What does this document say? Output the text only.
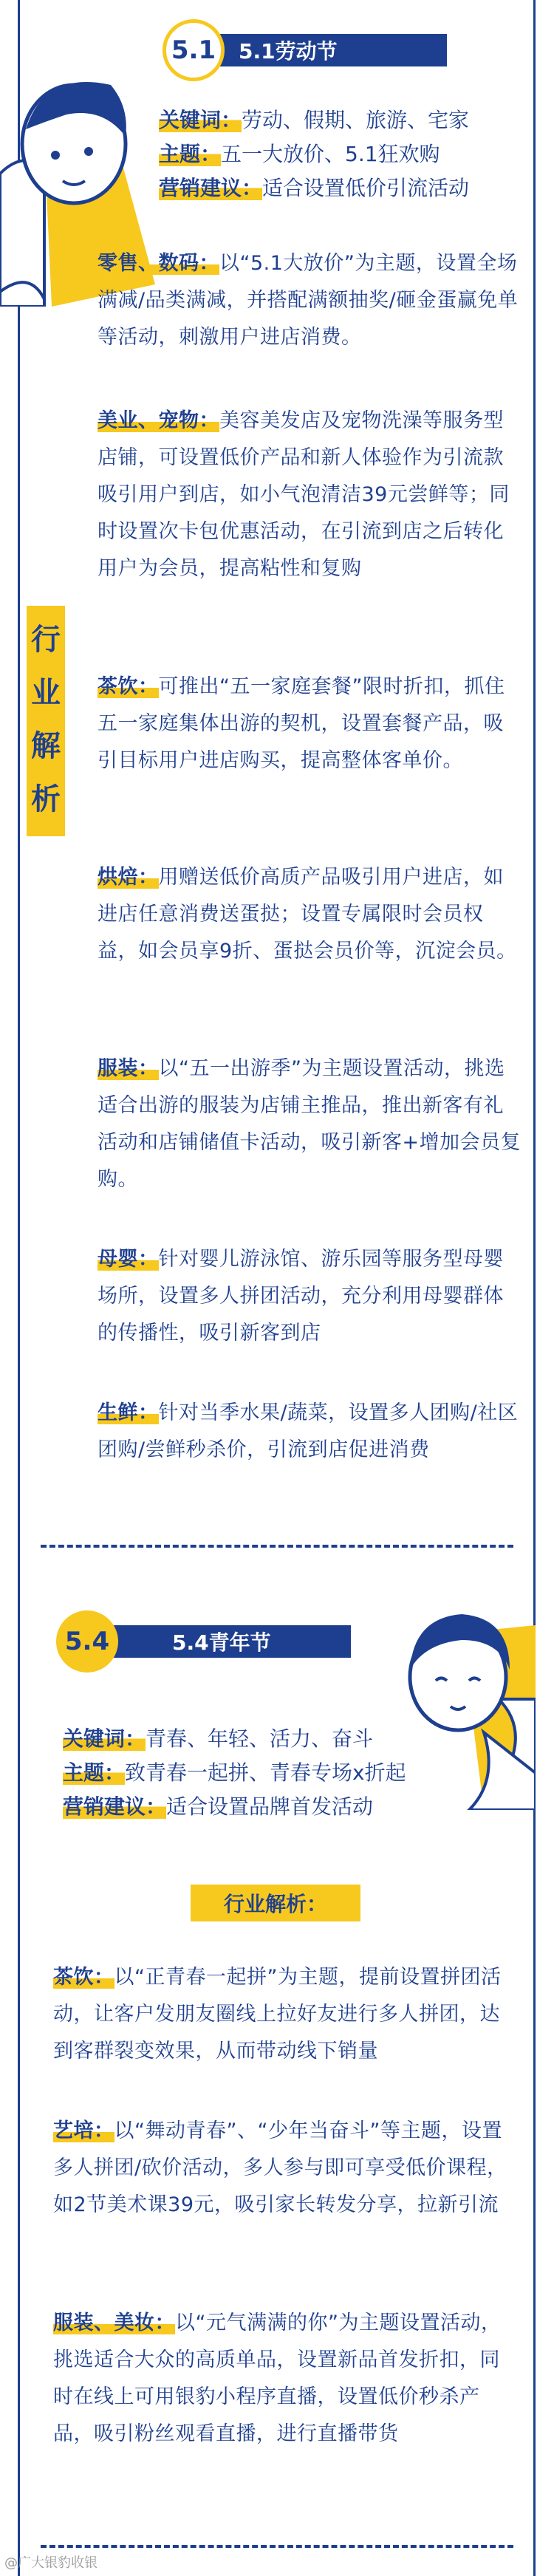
5.1劳动节
5.1
关键词：劳动、假期、旅游、宅家
主题：五一大放价、5.1狂欢购
营销建议：适合设置低价引流活动
行
业
解
析
零售、数码：以“5.1大放价”为主题，设置全场满减/品类满减，并搭配满额抽奖/砸金蛋赢免单等活动，刺激用户进店消费。
美业、宠物：美容美发店及宠物洗澡等服务型店铺，可设置低价产品和新人体验作为引流款吸引用户到店，如小气泡清洁39元尝鲜等；同时设置次卡包优惠活动，在引流到店之后转化用户为会员，提高粘性和复购
茶饮：可推出“五一家庭套餐”限时折扣，抓住五一家庭集体出游的契机，设置套餐产品，吸引目标用户进店购买，提高整体客单价。
烘焙：用赠送低价高质产品吸引用户进店，如进店任意消费送蛋挞；设置专属限时会员权益，如会员享9折、蛋挞会员价等，沉淀会员。
服装：以“五一出游季”为主题设置活动，挑选适合出游的服装为店铺主推品，推出新客有礼活动和店铺储值卡活动，吸引新客+增加会员复购。
母婴：针对婴儿游泳馆、游乐园等服务型母婴场所，设置多人拼团活动，充分利用母婴群体的传播性，吸引新客到店
生鲜：针对当季水果/蔬菜，设置多人团购/社区团购/尝鲜秒杀价，引流到店促进消费
5.4青年节
5.4
关键词：青春、年轻、活力、奋斗
主题：致青春一起拼、青春专场x折起
营销建议：适合设置品牌首发活动
行业解析：
茶饮：以“正青春一起拼”为主题，提前设置拼团活动，让客户发朋友圈线上拉好友进行多人拼团，达到客群裂变效果，从而带动线下销量
艺培：以“舞动青春”、“少年当奋斗”等主题，设置多人拼团/砍价活动，多人参与即可享受低价课程，如2节美术课39元，吸引家长转发分享，拉新引流
服装、美妆：以“元气满满的你”为主题设置活动，挑选适合大众的高质单品，设置新品首发折扣，同时在线上可用银豹小程序直播，设置低价秒杀产品，吸引粉丝观看直播，进行直播带货
@广大银豹收银
